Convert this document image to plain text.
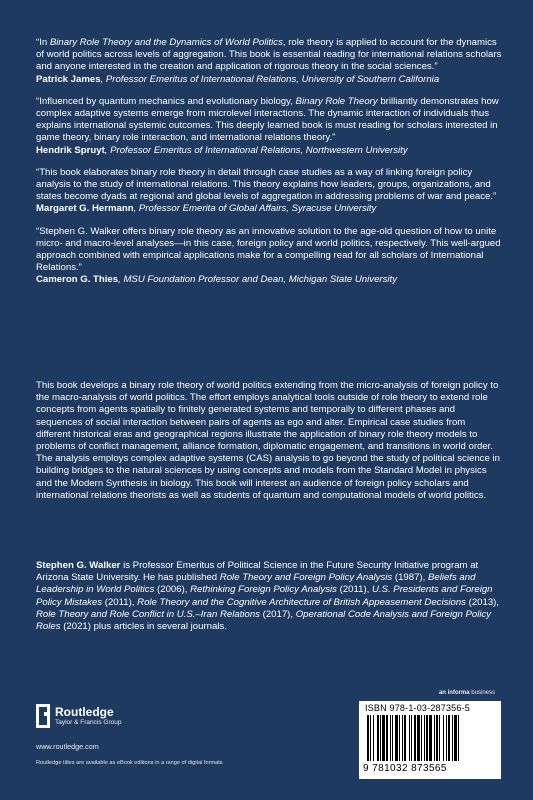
“In Binary Role Theory and the Dynamics of World Politics, role theory is applied to account for the dynamics of world politics across levels of aggregation. This book is essential reading for international relations scholars and anyone interested in the creation and application of rigorous theory in the social sciences.”

Patrick James, Professor Emeritus of International Relations, University of Southern California

“Influenced by quantum mechanics and evolutionary biology, Binary Role Theory brilliantly demonstrates how complex adaptive systems emerge from microlevel interactions. The dynamic interaction of individuals thus explains international systemic outcomes. This deeply learned book is must reading for scholars interested in game theory, binary role interaction, and international relations theory.”

Hendrik Spruyt, Professor Emeritus of International Relations, Northwestern University

“This book elaborates binary role theory in detail through case studies as a way of linking foreign policy analysis to the study of international relations. This theory explains how leaders, groups, organizations, and states become dyads at regional and global levels of aggregation in addressing problems of war and peace.”

Margaret G. Hermann, Professor Emerita of Global Affairs, Syracuse University

“Stephen G. Walker offers binary role theory as an innovative solution to the age-old question of how to unite micro- and macro-level analyses—in this case, foreign policy and world politics, respectively. This well-argued approach combined with empirical applications make for a compelling read for all scholars of International Relations.”

Cameron G. Thies, MSU Foundation Professor and Dean, Michigan State University

This book develops a binary role theory of world politics extending from the micro-analysis of foreign policy to the macro-analysis of world politics. The effort employs analytical tools outside of role theory to extend role concepts from agents spatially to finitely generated systems and temporally to different phases and sequences of social interaction between pairs of agents as ego and alter. Empirical case studies from different historical eras and geographical regions illustrate the application of binary role theory models to problems of conflict management, alliance formation, diplomatic engagement, and transitions in world order. The analysis employs complex adaptive systems (CAS) analysis to go beyond the study of political science in building bridges to the natural sciences by using concepts and models from the Standard Model in physics and the Modern Synthesis in biology. This book will interest an audience of foreign policy scholars and international relations theorists as well as students of quantum and computational models of world politics.

Stephen G. Walker is Professor Emeritus of Political Science in the Future Security Initiative program at Arizona State University. He has published Role Theory and Foreign Policy Analysis (1987), Beliefs and Leadership in World Politics (2006), Rethinking Foreign Policy Analysis (2011), U.S. Presidents and Foreign Policy Mistakes (2011), Role Theory and the Cognitive Architecture of British Appeasement Decisions (2013), Role Theory and Role Conflict in U.S.–Iran Relations (2017), Operational Code Analysis and Foreign Policy Roles (2021) plus articles in several journals.

an informa business
ISBN 978-1-03-287356-5
9 781032 873565
Routledge
Taylor & Francis Group
www.routledge.com
Routledge titles are available as eBook editions in a range of digital formats
